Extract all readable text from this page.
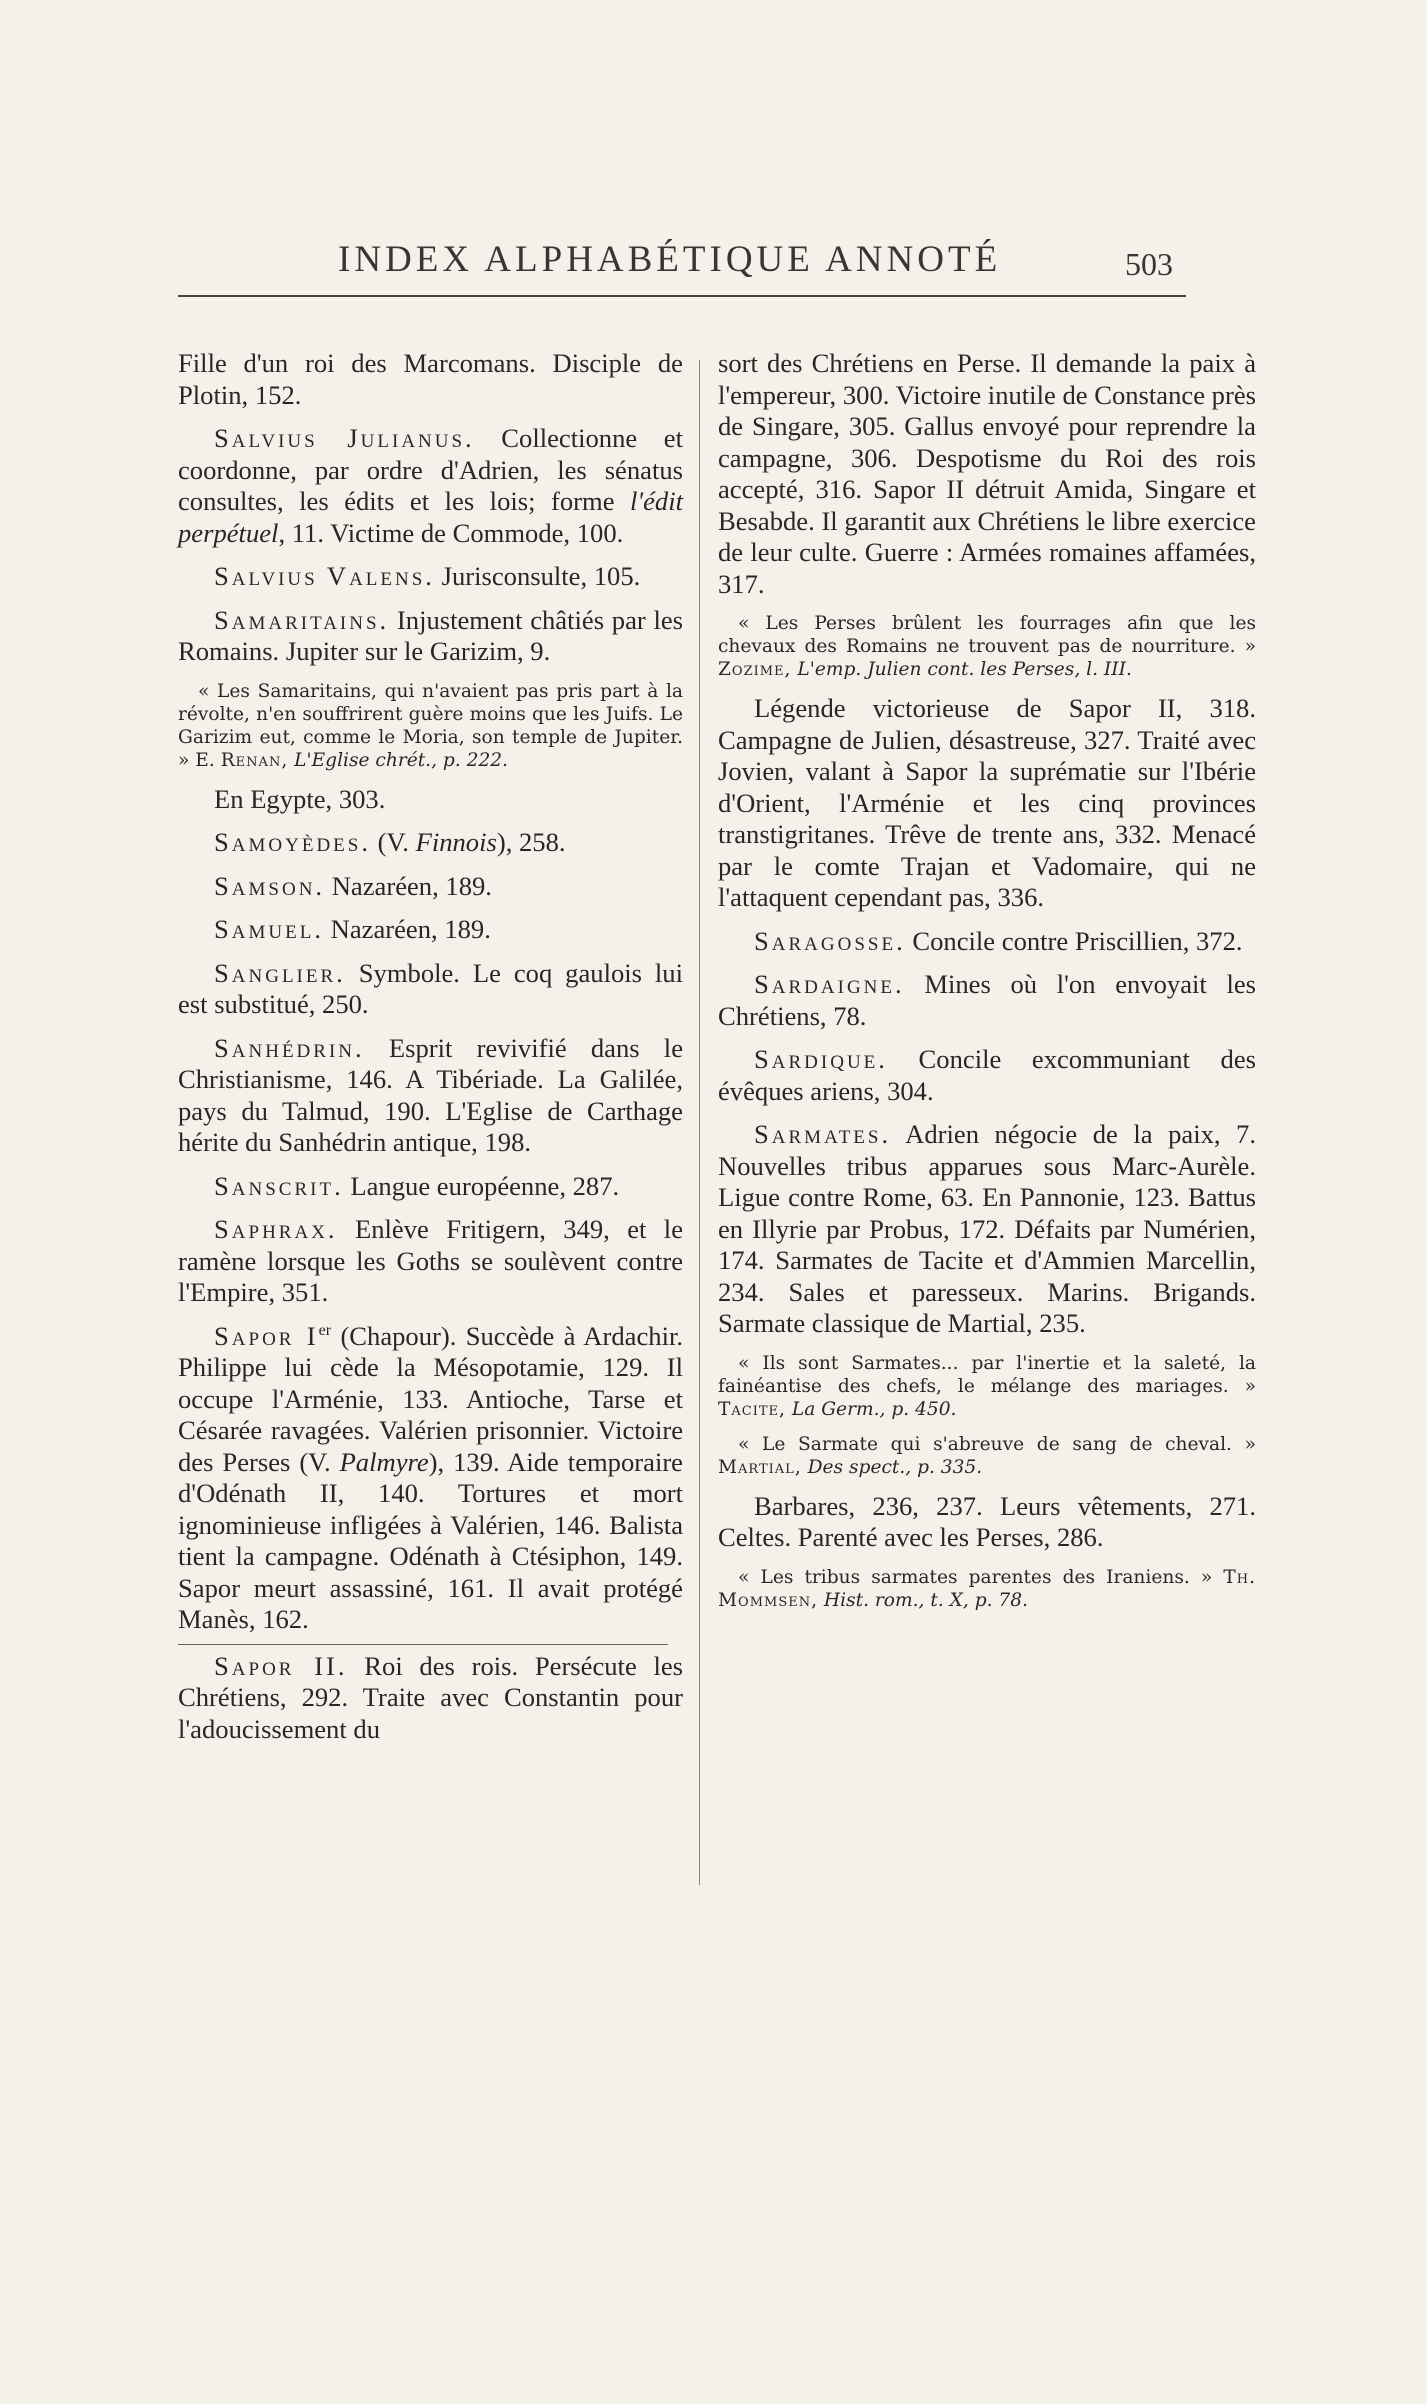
INDEX ALPHABÉTIQUE ANNOTÉ	503

Fille d'un roi des Marcomans. Disciple de Plotin, 152.

Salvius Julianus. Collectionne et coordonne, par ordre d'Adrien, les sénatus consultes, les édits et les lois; forme l'édit perpétuel, 11. Victime de Commode, 100.

Salvius Valens. Jurisconsulte, 105.

Samaritains. Injustement châtiés par les Romains. Jupiter sur le Garizim, 9.

« Les Samaritains, qui n'avaient pas pris part à la révolte, n'en souffrirent guère moins que les Juifs. Le Garizim eut, comme le Moria, son temple de Jupiter. » E. Renan, L'Eglise chrét., p. 222.

En Egypte, 303.

Samoyèdes. (V. Finnois), 258.

Samson. Nazaréen, 189.

Samuel. Nazaréen, 189.

Sanglier. Symbole. Le coq gaulois lui est substitué, 250.

Sanhédrin. Esprit revivifié dans le Christianisme, 146. A Tibériade. La Galilée, pays du Talmud, 190. L'Eglise de Carthage hérite du Sanhédrin antique, 198.

Sanscrit. Langue européenne, 287.

Saphrax. Enlève Fritigern, 349, et le ramène lorsque les Goths se soulèvent contre l'Empire, 351.

Sapor Ier (Chapour). Succède à Ardachir. Philippe lui cède la Mésopotamie, 129. Il occupe l'Arménie, 133. Antioche, Tarse et Césarée ravagées. Valérien prisonnier. Victoire des Perses (V. Palmyre), 139. Aide temporaire d'Odénath II, 140. Tortures et mort ignominieuse infligées à Valérien, 146. Balista tient la campagne. Odénath à Ctésiphon, 149. Sapor meurt assassiné, 161. Il avait protégé Manès, 162.

Sapor II. Roi des rois. Persécute les Chrétiens, 292. Traite avec Constantin pour l'adoucissement du

sort des Chrétiens en Perse. Il demande la paix à l'empereur, 300. Victoire inutile de Constance près de Singare, 305. Gallus envoyé pour reprendre la campagne, 306. Despotisme du Roi des rois accepté, 316. Sapor II détruit Amida, Singare et Besabde. Il garantit aux Chrétiens le libre exercice de leur culte. Guerre : Armées romaines affamées, 317.

« Les Perses brûlent les fourrages afin que les chevaux des Romains ne trouvent pas de nourriture. » Zozime, L'emp. Julien cont. les Perses, l. III.

Légende victorieuse de Sapor II, 318. Campagne de Julien, désastreuse, 327. Traité avec Jovien, valant à Sapor la suprématie sur l'Ibérie d'Orient, l'Arménie et les cinq provinces transtigritanes. Trêve de trente ans, 332. Menacé par le comte Trajan et Vadomaire, qui ne l'attaquent cependant pas, 336.

Saragosse. Concile contre Priscillien, 372.

Sardaigne. Mines où l'on envoyait les Chrétiens, 78.

Sardique. Concile excommuniant des évêques ariens, 304.

Sarmates. Adrien négocie de la paix, 7. Nouvelles tribus apparues sous Marc-Aurèle. Ligue contre Rome, 63. En Pannonie, 123. Battus en Illyrie par Probus, 172. Défaits par Numérien, 174. Sarmates de Tacite et d'Ammien Marcellin, 234. Sales et paresseux. Marins. Brigands. Sarmate classique de Martial, 235.

« Ils sont Sarmates... par l'inertie et la saleté, la fainéantise des chefs, le mélange des mariages. » Tacite, La Germ., p. 450.

« Le Sarmate qui s'abreuve de sang de cheval. » Martial, Des spect., p. 335.

Barbares, 236, 237. Leurs vêtements, 271. Celtes. Parenté avec les Perses, 286.

« Les tribus sarmates parentes des Iraniens. » Th. Mommsen, Hist. rom., t. X, p. 78.
